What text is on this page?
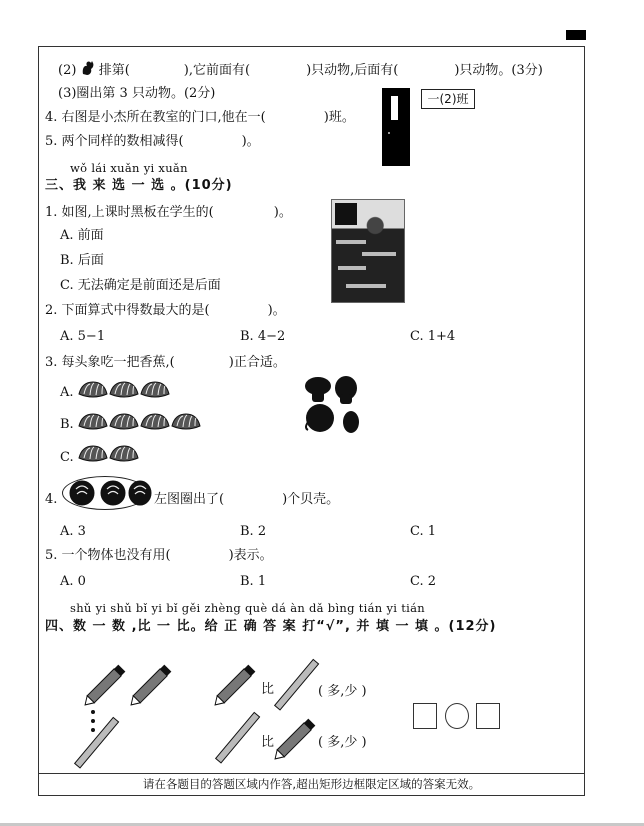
(2) 排第(	),它前面有(	)只动物,后面有(	)只动物。(3分)
(3)圈出第 3 只动物。(2分)
4. 右图是小杰所在教室的门口,他在一(	)班。
一(2)班
5. 两个同样的数相减得(	)。
wǒ lái xuǎn yi xuǎn
三、我 来 选 一 选 。(10分)
1. 如图,上课时黑板在学生的(	)。
A. 前面
B. 后面
C. 无法确定是前面还是后面
2. 下面算式中得数最大的是(	)。
A. 5−1	B. 4−2	C. 1+4
3. 每头象吃一把香蕉,(	)正合适。
A.
B.
C.
4.	左图圈出了(	)个贝壳。
A. 3	B. 2	C. 1
5. 一个物体也没有用(	)表示。
A. 0	B. 1	C. 2
shǔ yi shǔ bǐ yi bǐ gěi zhèng què dá àn dǎ bìng tián yi tián
四、数 一 数 ,比 一 比。给 正 确 答 案 打“√”, 并 填 一 填 。(12分)
比	( 多,少 )
比	( 多,少 )
请在各题目的答题区域内作答,超出矩形边框限定区域的答案无效。
